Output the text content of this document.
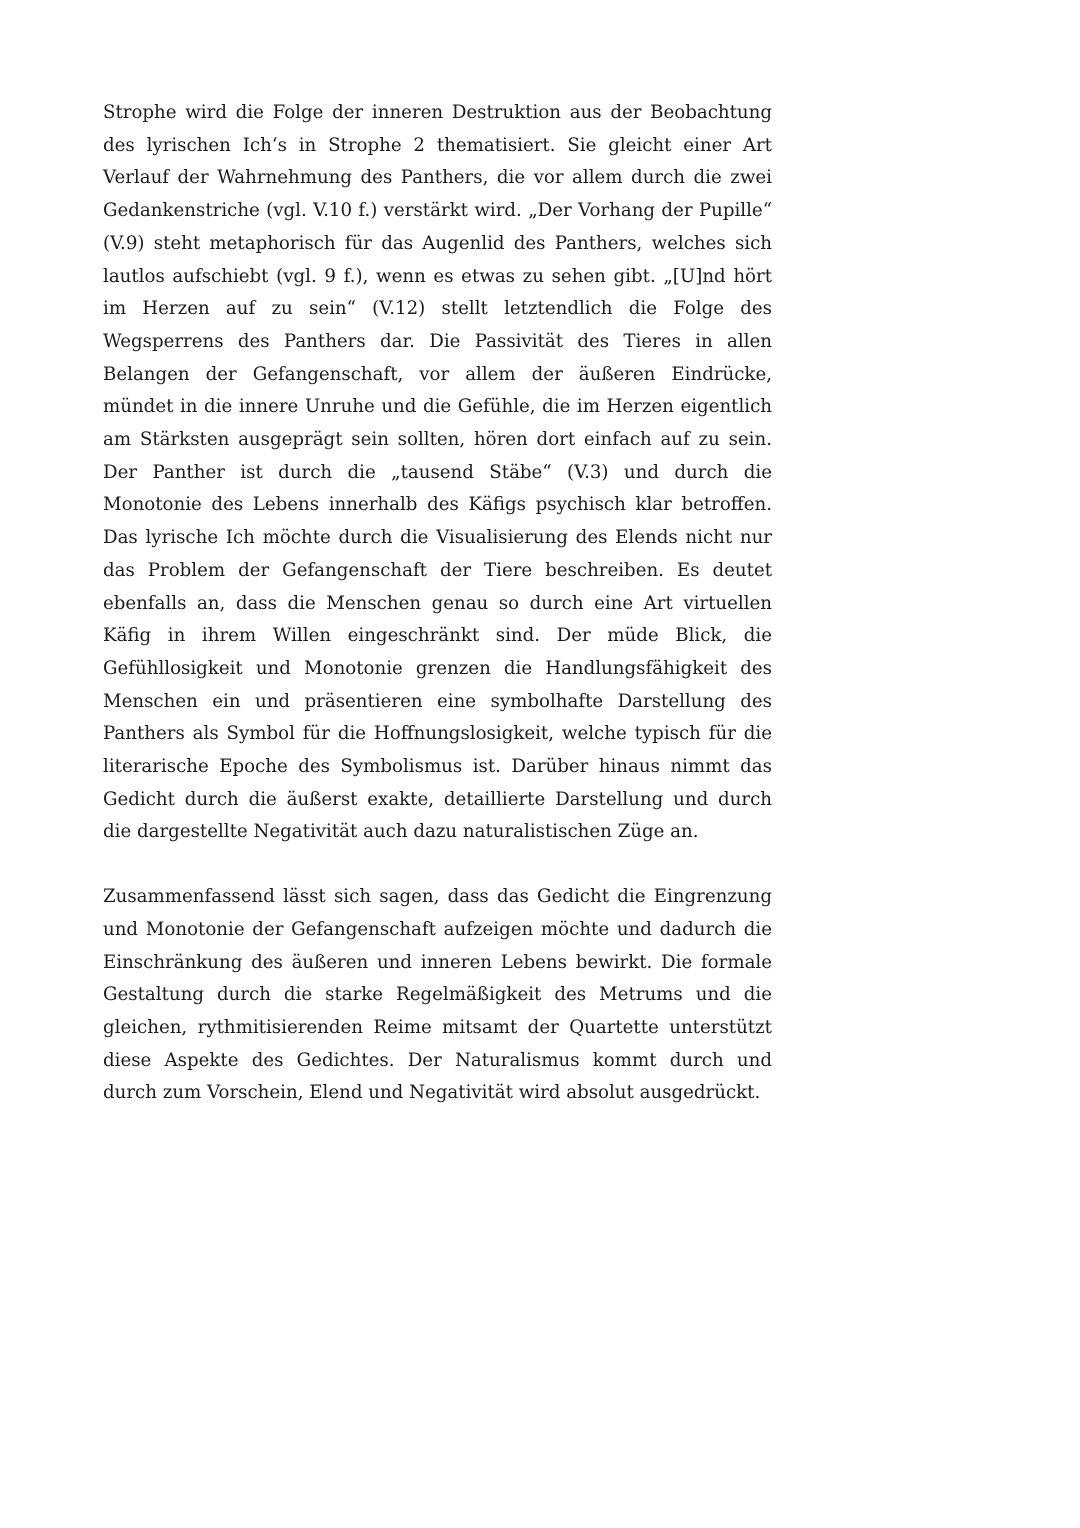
Strophe wird die Folge der inneren Destruktion aus der Beobachtung des lyrischen Ich‘s in Strophe 2 thematisiert. Sie gleicht einer Art Verlauf der Wahrnehmung des Panthers, die vor allem durch die zwei Gedankenstriche (vgl. V.10 f.) verstärkt wird. „Der Vorhang der Pupille“ (V.9) steht metaphorisch für das Augenlid des Panthers, welches sich lautlos aufschiebt (vgl. 9 f.), wenn es etwas zu sehen gibt. „[U]nd hört im Herzen auf zu sein“ (V.12) stellt letztendlich die Folge des Wegsperrens des Panthers dar. Die Passivität des Tieres in allen Belangen der Gefangenschaft, vor allem der äußeren Eindrücke, mündet in die innere Unruhe und die Gefühle, die im Herzen eigentlich am Stärksten ausgeprägt sein sollten, hören dort einfach auf zu sein. Der Panther ist durch die „tausend Stäbe“ (V.3) und durch die Monotonie des Lebens innerhalb des Käfigs psychisch klar betroffen. Das lyrische Ich möchte durch die Visualisierung des Elends nicht nur das Problem der Gefangenschaft der Tiere beschreiben. Es deutet ebenfalls an, dass die Menschen genau so durch eine Art virtuellen Käfig in ihrem Willen eingeschränkt sind. Der müde Blick, die Gefühllosigkeit und Monotonie grenzen die Handlungsfähigkeit des Menschen ein und präsentieren eine symbolhafte Darstellung des Panthers als Symbol für die Hoffnungslosigkeit, welche typisch für die literarische Epoche des Symbolismus ist. Darüber hinaus nimmt das Gedicht durch die äußerst exakte, detaillierte Darstellung und durch die dargestellte Negativität auch dazu naturalistischen Züge an.

Zusammenfassend lässt sich sagen, dass das Gedicht die Eingrenzung und Monotonie der Gefangenschaft aufzeigen möchte und dadurch die Einschränkung des äußeren und inneren Lebens bewirkt. Die formale Gestaltung durch die starke Regelmäßigkeit des Metrums und die gleichen, rythmitisierenden Reime mitsamt der Quartette unterstützt diese Aspekte des Gedichtes. Der Naturalismus kommt durch und durch zum Vorschein, Elend und Negativität wird absolut ausgedrückt.
